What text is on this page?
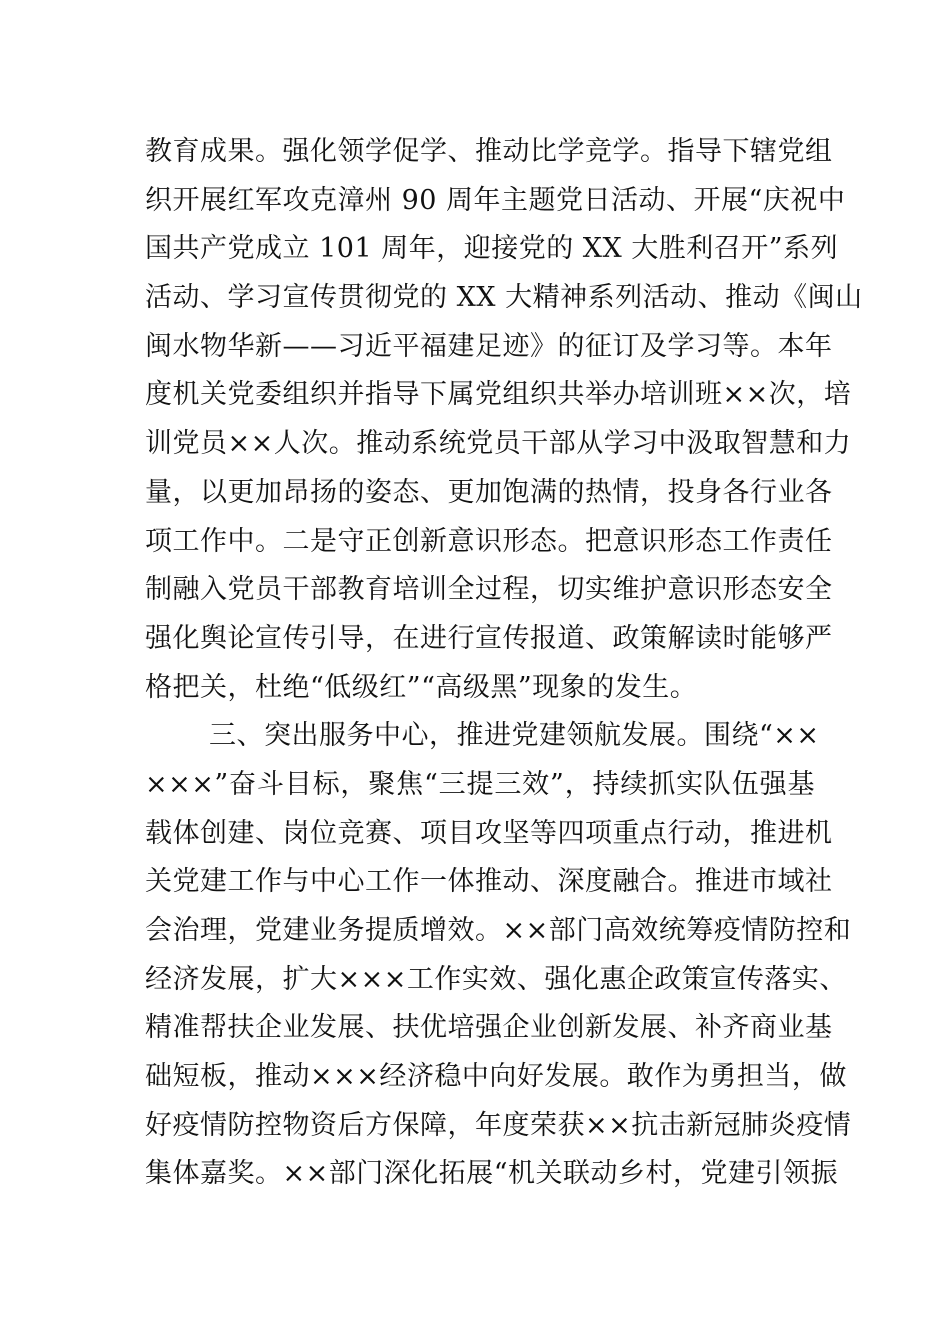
教育成果。强化领学促学、推动比学竞学。指导下辖党组
织开展红军攻克漳州 90 周年主题党日活动、开展“庆祝中
国共产党成立 101 周年，迎接党的 XX 大胜利召开”系列
活动、学习宣传贯彻党的 XX 大精神系列活动、推动《闽山
闽水物华新——习近平福建足迹》的征订及学习等。本年
度机关党委组织并指导下属党组织共举办培训班××次，培
训党员××人次。推动系统党员干部从学习中汲取智慧和力
量，以更加昂扬的姿态、更加饱满的热情，投身各行业各
项工作中。二是守正创新意识形态。把意识形态工作责任
制融入党员干部教育培训全过程，切实维护意识形态安全
强化舆论宣传引导，在进行宣传报道、政策解读时能够严
格把关，杜绝“低级红”“高级黑”现象的发生。
三、突出服务中心，推进党建领航发展。围绕“××
×××”奋斗目标，聚焦“三提三效”，持续抓实队伍强基
载体创建、岗位竞赛、项目攻坚等四项重点行动，推进机
关党建工作与中心工作一体推动、深度融合。推进市域社
会治理，党建业务提质增效。××部门高效统筹疫情防控和
经济发展，扩大×××工作实效、强化惠企政策宣传落实、
精准帮扶企业发展、扶优培强企业创新发展、补齐商业基
础短板，推动×××经济稳中向好发展。敢作为勇担当，做
好疫情防控物资后方保障，年度荣获××抗击新冠肺炎疫情
集体嘉奖。××部门深化拓展“机关联动乡村，党建引领振
